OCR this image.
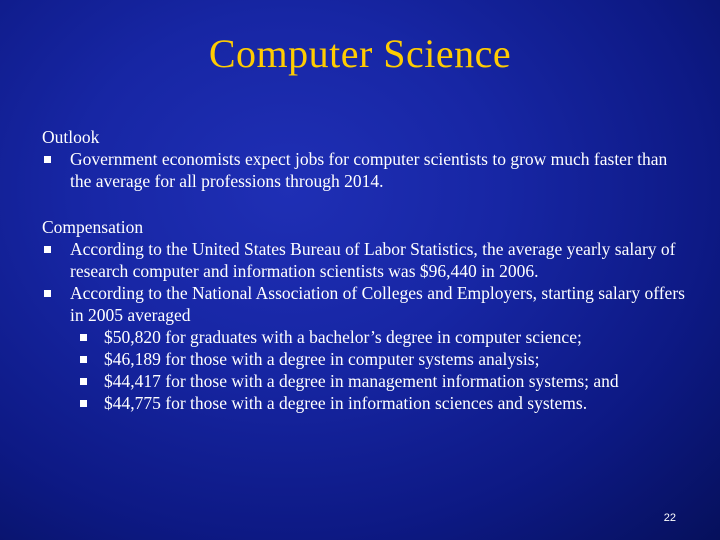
Computer Science
Outlook
Government economists expect jobs for computer scientists to grow much faster than the average for all professions through 2014.
Compensation
According to the United States Bureau of Labor Statistics, the average yearly salary of research computer and information scientists was $96,440 in 2006.
According to the National Association of Colleges and Employers, starting salary offers in 2005 averaged
$50,820 for graduates with a bachelor’s degree in computer science;
$46,189 for those with a degree in computer systems analysis;
$44,417 for those with a degree in management information systems; and
$44,775 for those with a degree in information sciences and systems.
22
